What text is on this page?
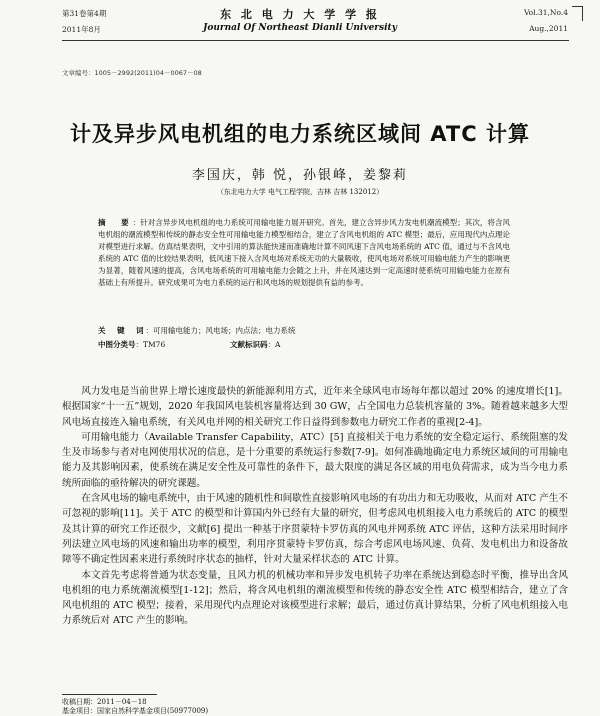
第31卷第4期
2011年8月
东 北 电 力 大 学 学 报
Journal Of Northeast Dianli University
Vol.31,No.4
Aug.,2011
文章编号：1005－2992(2011)04－0067－08
计及异步风电机组的电力系统区域间 ATC 计算
李国庆，韩 悦，孙银峰，姜黎莉
（东北电力大学 电气工程学院，吉林 吉林 132012）
摘　要：针对含异步风电机组的电力系统可用输电能力展开研究。首先，建立含异步风力发电机潮流模型；其次，将含风电机组的潮流模型和传统的静态安全性可用输电能力模型相结合，建立了含风电机组的 ATC 模型；最后，应用现代内点理论对模型进行求解。仿真结果表明，文中引用的算法能快速而准确地计算不同风速下含风电场系统的 ATC 值，通过与不含风电系统的 ATC 值的比较结果表明，低风速下接入含风电场对系统无功的大量吸收，使风电场对系统可用输电能力产生的影响更为显著，随着风速的提高，含风电场系统的可用输电能力会随之上升，并在风速达到一定高速时使系统可用输电能力在原有基础上有所提升。研究成果可为电力系统的运行和风电场的规划提供有益的参考。
关　键　词：可用输电能力；风电场；内点法；电力系统
中图分类号：TM76	文献标识码：A

风力发电是当前世界上增长速度最快的新能源利用方式，近年来全球风电市场每年都以超过 20% 的速度增长[1]。根据国家“十一五”规划，2020 年我国风电装机容量将达到 30 GW，占全国电力总装机容量的 3%。随着越来越多大型风电场直接连入输电系统，有关风电并网的相关研究工作日益得到参数电力研究工作者的重视[2-4]。

可用输电能力（Available Transfer Capability，ATC）[5] 直接相关于电力系统的安全稳定运行、系统阻塞的发生及市场参与者对电网使用状况的信息，是十分重要的系统运行参数[7-9]。如何准确地确定电力系统区域间的可用输电能力及其影响因素，使系统在满足安全性及可靠性的条件下，最大限度的满足各区域的用电负荷需求，成为当今电力系统所面临的亟待解决的研究课题。

在含风电场的输电系统中，由于风速的随机性和间歇性直接影响风电场的有功出力和无功吸收，从而对 ATC 产生不可忽视的影响[11]。关于 ATC 的模型和计算国内外已经有大量的研究，但考虑风电机组接入电力系统后的 ATC 的模型及其计算的研究工作还很少，文献[6] 提出一种基于序贯蒙特卡罗仿真的风电并网系统 ATC 评估，这种方法采用时间序列法建立风电场的风速和输出功率的模型，利用序贯蒙特卡罗仿真，综合考虑风电场风速、负荷、发电机出力和设备故障等不确定性因素来进行系统时序状态的抽样，针对大量采样状态的 ATC 计算。

本文首先考虑将普通为状态变量，且风力机的机械功率和异步发电机转子功率在系统达到稳态时平衡，推导出含风电机组的电力系统潮流模型[1-12]；然后，将含风电机组的潮流模型和传统的静态安全性 ATC 模型相结合，建立了含风电机组的 ATC 模型；接着，采用现代内点理论对该模型进行求解；最后，通过仿真计算结果，分析了风电机组接入电力系统后对 ATC 产生的影响。

收稿日期：2011－04－18
基金项目：国家自然科学基金项目(50977009)
